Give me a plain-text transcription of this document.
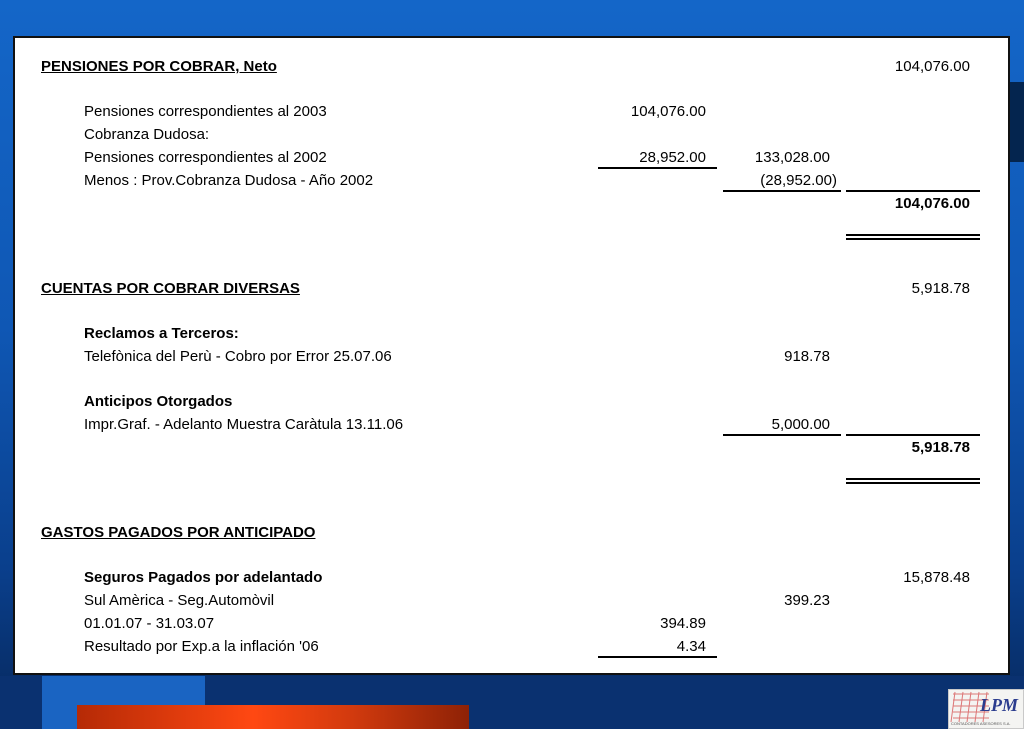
LPM
CONTADORES ASESORES S.A.
PENSIONES POR COBRAR, Neto	104,076.00
Pensiones correspondientes al 2003	104,076.00
Cobranza Dudosa:
Pensiones correspondientes al 2002	28,952.00	133,028.00
Menos : Prov.Cobranza Dudosa - Año 2002	(28,952.00)
104,076.00
CUENTAS POR COBRAR DIVERSAS	5,918.78
Reclamos a Terceros:
Telefònica del Perù - Cobro por Error 25.07.06	918.78
Anticipos Otorgados
Impr.Graf. - Adelanto Muestra Caràtula 13.11.06	5,000.00
5,918.78
GASTOS PAGADOS POR ANTICIPADO
Seguros Pagados por adelantado	15,878.48
Sul Amèrica - Seg.Automòvil	399.23
01.01.07 - 31.03.07	394.89
Resultado por Exp.a la inflación '06	4.34
